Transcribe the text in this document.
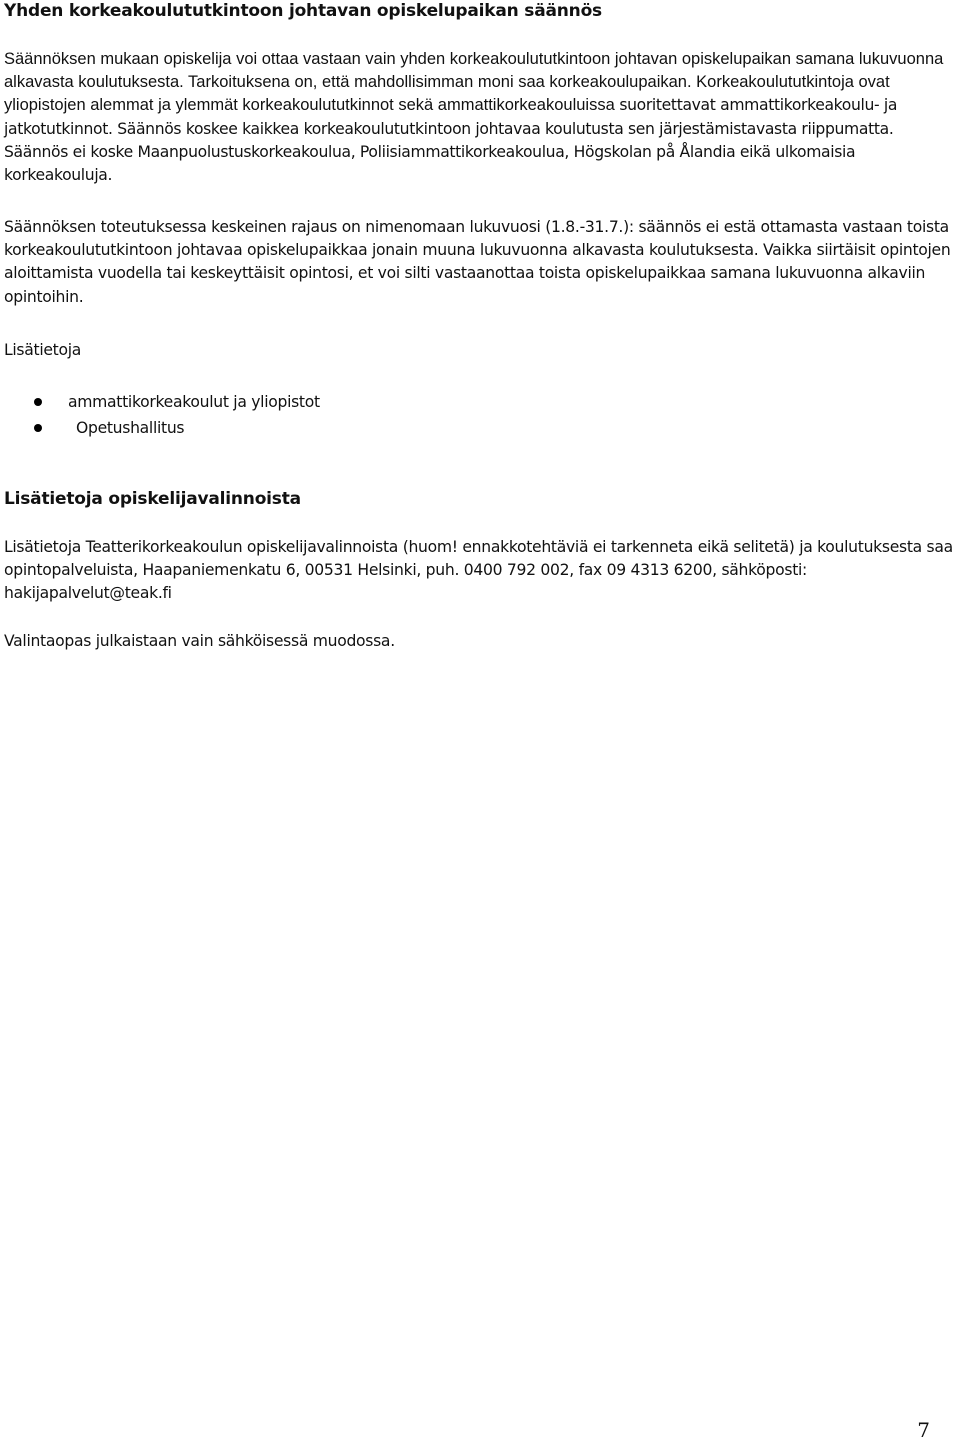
Yhden korkeakoulututkintoon johtavan opiskelupaikan säännös

Säännöksen mukaan opiskelija voi ottaa vastaan vain yhden korkeakoulututkintoon johtavan opiskelupaikan samana lukuvuonna alkavasta koulutuksesta. Tarkoituksena on, että mahdollisimman moni saa korkeakoulupaikan. Korkeakoulututkintoja ovat yliopistojen alemmat ja ylemmät korkeakoulututkinnot sekä ammattikorkeakouluissa suoritettavat ammattikorkeakoulu- ja jatkotutkinnot. Säännös koskee kaikkea korkeakoulututkintoon johtavaa koulutusta sen järjestämistavasta riippumatta. Säännös ei koske Maanpuolustuskorkeakoulua, Poliisiammattikorkeakoulua, Högskolan på Ålandia eikä ulkomaisia korkeakouluja.

Säännöksen toteutuksessa keskeinen rajaus on nimenomaan lukuvuosi (1.8.-31.7.): säännös ei estä ottamasta vastaan toista korkeakoulututkintoon johtavaa opiskelupaikkaa jonain muuna lukuvuonna alkavasta koulutuksesta. Vaikka siirtäisit opintojen aloittamista vuodella tai keskeyttäisit opintosi, et voi silti vastaanottaa toista opiskelupaikkaa samana lukuvuonna alkaviin opintoihin.

Lisätietoja

ammattikorkeakoulut ja yliopistot
Opetushallitus
Lisätietoja opiskelijavalinnoista

Lisätietoja Teatterikorkeakoulun opiskelijavalinnoista (huom! ennakkotehtäviä ei tarkenneta eikä selitetä) ja koulutuksesta saa opintopalveluista, Haapaniemenkatu 6, 00531 Helsinki, puh. 0400 792 002, fax 09 4313 6200, sähköposti: hakijapalvelut@teak.fi

Valintaopas julkaistaan vain sähköisessä muodossa.

7
